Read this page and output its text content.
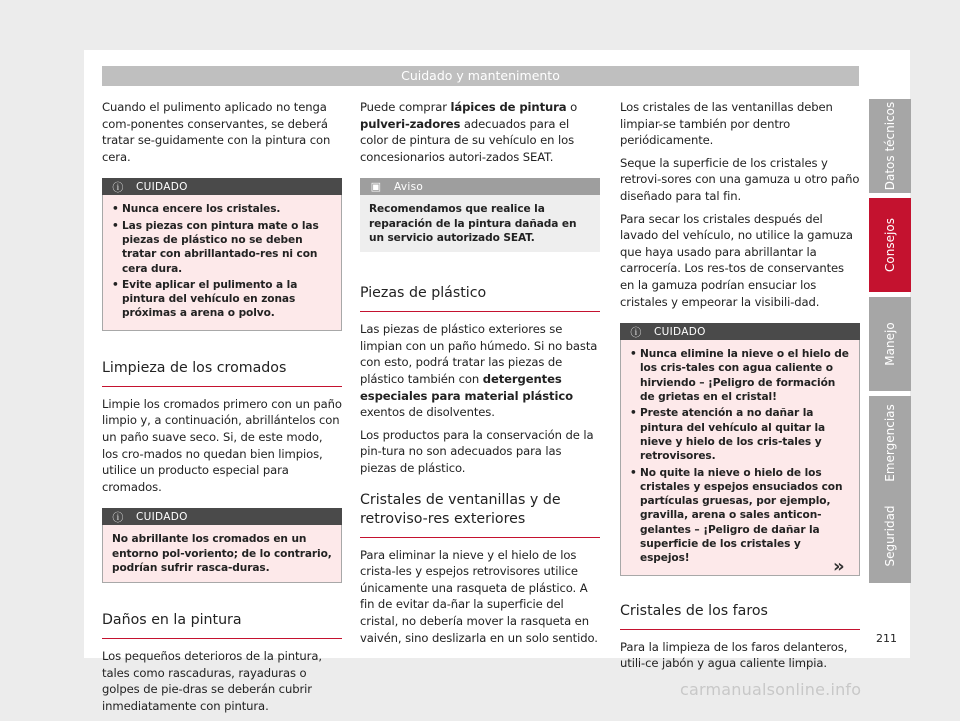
Cuidado y mantenimento

Cuando el pulimento aplicado no tenga com-ponentes conservantes, se deberá tratar se-guidamente con la pintura con cera.

ⓘ	CUIDADO
• Nunca encere los cristales.
• Las piezas con pintura mate o las piezas de plástico no se deben tratar con abrillantado-res ni con cera dura.
• Evite aplicar el pulimento a la pintura del vehículo en zonas próximas a arena o polvo.
Limpieza de los cromados

Limpie los cromados primero con un paño limpio y, a continuación, abrillántelos con un paño suave seco. Si, de este modo, los cro-mados no quedan bien limpios, utilice un producto especial para cromados.

ⓘ	CUIDADO
No abrillante los cromados en un entorno pol-voriento; de lo contrario, podrían sufrir rasca-duras.
Daños en la pintura

Los pequeños deterioros de la pintura, tales como rascaduras, rayaduras o golpes de pie-dras se deberán cubrir inmediatamente con pintura.

Puede comprar lápices de pintura o pulveri-zadores adecuados para el color de pintura de su vehículo en los concesionarios autori-zados SEAT.

▣	Aviso
Recomendamos que realice la reparación de la pintura dañada en un servicio autorizado SEAT.
Piezas de plástico

Las piezas de plástico exteriores se limpian con un paño húmedo. Si no basta con esto, podrá tratar las piezas de plástico también con detergentes especiales para material plástico exentos de disolventes.

Los productos para la conservación de la pin-tura no son adecuados para las piezas de plástico.

Cristales de ventanillas y de retroviso-res exteriores

Para eliminar la nieve y el hielo de los crista-les y espejos retrovisores utilice únicamente una rasqueta de plástico. A fin de evitar da-ñar la superficie del cristal, no debería mover la rasqueta en vaivén, sino deslizarla en un solo sentido.

Los cristales de las ventanillas deben limpiar-se también por dentro periódicamente.

Seque la superficie de los cristales y retrovi-sores con una gamuza u otro paño diseñado para tal fin.

Para secar los cristales después del lavado del vehículo, no utilice la gamuza que haya usado para abrillantar la carrocería. Los res-tos de conservantes en la gamuza podrían ensuciar los cristales y empeorar la visibili-dad.

ⓘ	CUIDADO
• Nunca elimine la nieve o el hielo de los cris-tales con agua caliente o hirviendo – ¡Peligro de formación de grietas en el cristal!
• Preste atención a no dañar la pintura del vehículo al quitar la nieve y hielo de los cris-tales y retrovisores.
• No quite la nieve o hielo de los cristales y espejos ensuciados con partículas gruesas, por ejemplo, gravilla, arena o sales anticon-gelantes – ¡Peligro de dañar la superficie de los cristales y espejos!
Cristales de los faros

Para la limpieza de los faros delanteros, utili-ce jabón y agua caliente limpia.

Datos técnicos
Consejos
Manejo
Emergencias
Seguridad
»
211
carmanualsonline.info
